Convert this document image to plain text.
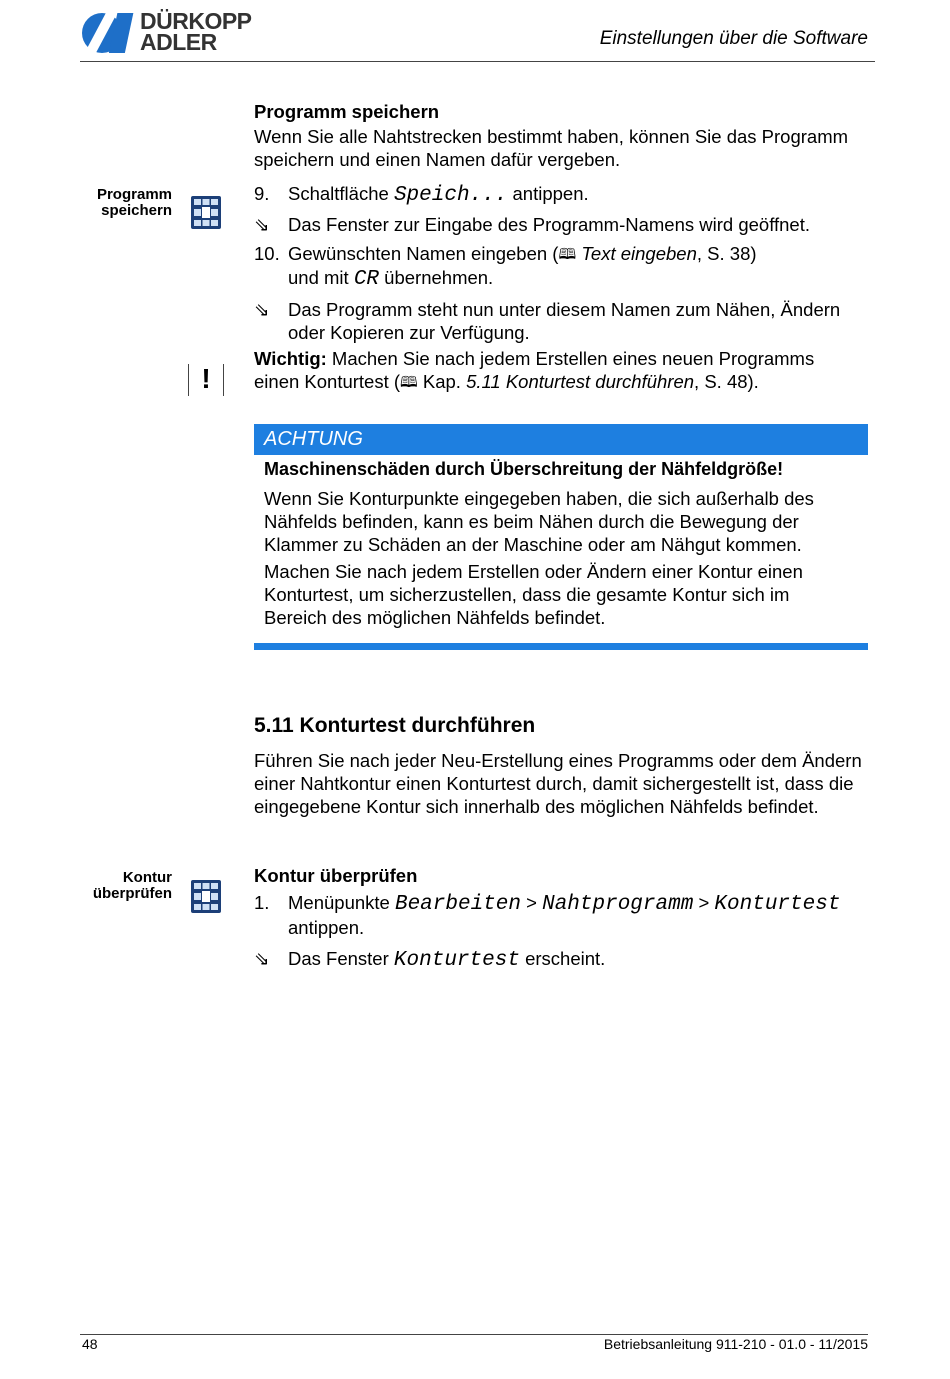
DÜRKOPP
ADLER	Einstellungen über die Software
Programm speichern
Wenn Sie alle Nahtstrecken bestimmt haben, können Sie das Programm
speichern und einen Namen dafür vergeben.
Programm
speichern
9. Schaltfläche Speich... antippen.
⇘ Das Fenster zur Eingabe des Programm-Namens wird geöffnet.
10. Gewünschten Namen eingeben (🕮 Text eingeben, S. 38)
und mit CR übernehmen.
⇘ Das Programm steht nun unter diesem Namen zum Nähen, Ändern
oder Kopieren zur Verfügung.
!
Wichtig: Machen Sie nach jedem Erstellen eines neuen Programms
einen Konturtest (🕮 Kap. 5.11 Konturtest durchführen, S. 48).
ACHTUNG
Maschinenschäden durch Überschreitung der Nähfeldgröße!
Wenn Sie Konturpunkte eingegeben haben, die sich außerhalb des
Nähfelds befinden, kann es beim Nähen durch die Bewegung der
Klammer zu Schäden an der Maschine oder am Nähgut kommen.
Machen Sie nach jedem Erstellen oder Ändern einer Kontur einen
Konturtest, um sicherzustellen, dass die gesamte Kontur sich im
Bereich des möglichen Nähfelds befindet.
5.11 Konturtest durchführen
Führen Sie nach jeder Neu-Erstellung eines Programms oder dem Ändern
einer Nahtkontur einen Konturtest durch, damit sichergestellt ist, dass die
eingegebene Kontur sich innerhalb des möglichen Nähfelds befindet.
Kontur
überprüfen
Kontur überprüfen
1. Menüpunkte Bearbeiten > Nahtprogramm > Konturtest
antippen.
⇘ Das Fenster Konturtest erscheint.
48	Betriebsanleitung 911-210 - 01.0 - 11/2015
